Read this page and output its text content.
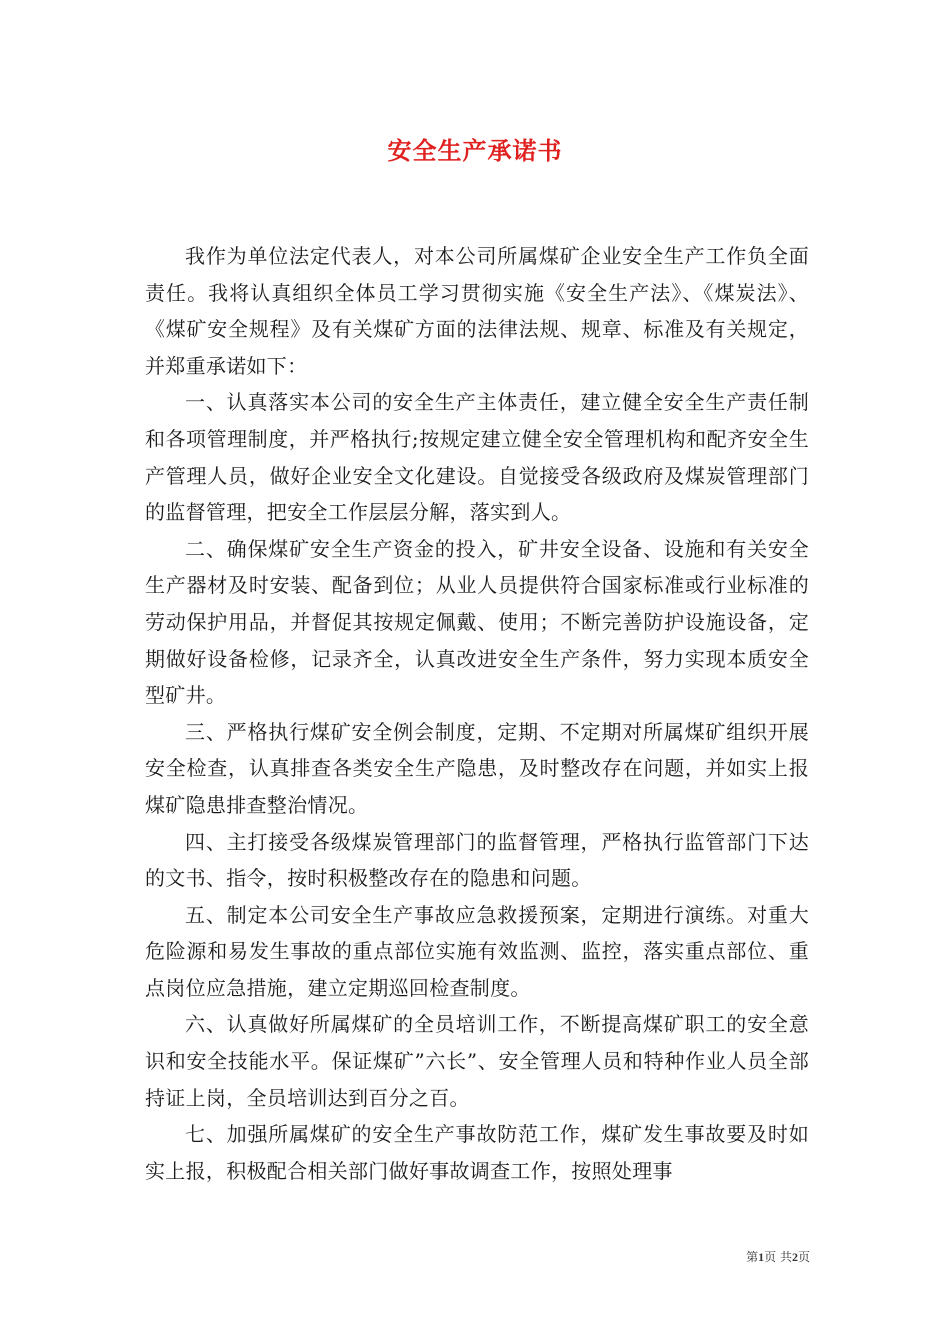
安全生产承诺书

我作为单位法定代表人，对本公司所属煤矿企业安全生产工作负全面责任。我将认真组织全体员工学习贯彻实施《安全生产法》、《煤炭法》、《煤矿安全规程》及有关煤矿方面的法律法规、规章、标准及有关规定，并郑重承诺如下：

一、认真落实本公司的安全生产主体责任，建立健全安全生产责任制和各项管理制度，并严格执行;按规定建立健全安全管理机构和配齐安全生产管理人员，做好企业安全文化建设。自觉接受各级政府及煤炭管理部门的监督管理，把安全工作层层分解，落实到人。

二、确保煤矿安全生产资金的投入，矿井安全设备、设施和有关安全生产器材及时安装、配备到位；从业人员提供符合国家标准或行业标准的劳动保护用品，并督促其按规定佩戴、使用；不断完善防护设施设备，定期做好设备检修，记录齐全，认真改进安全生产条件，努力实现本质安全型矿井。

三、严格执行煤矿安全例会制度，定期、不定期对所属煤矿组织开展安全检查，认真排查各类安全生产隐患，及时整改存在问题，并如实上报煤矿隐患排查整治情况。

四、主打接受各级煤炭管理部门的监督管理，严格执行监管部门下达的文书、指令，按时积极整改存在的隐患和问题。

五、制定本公司安全生产事故应急救援预案，定期进行演练。对重大危险源和易发生事故的重点部位实施有效监测、监控，落实重点部位、重点岗位应急措施，建立定期巡回检查制度。

六、认真做好所属煤矿的全员培训工作，不断提高煤矿职工的安全意识和安全技能水平。保证煤矿”六长”、安全管理人员和特种作业人员全部持证上岗，全员培训达到百分之百。

七、加强所属煤矿的安全生产事故防范工作，煤矿发生事故要及时如实上报，积极配合相关部门做好事故调查工作，按照处理事

第1页 共2页
